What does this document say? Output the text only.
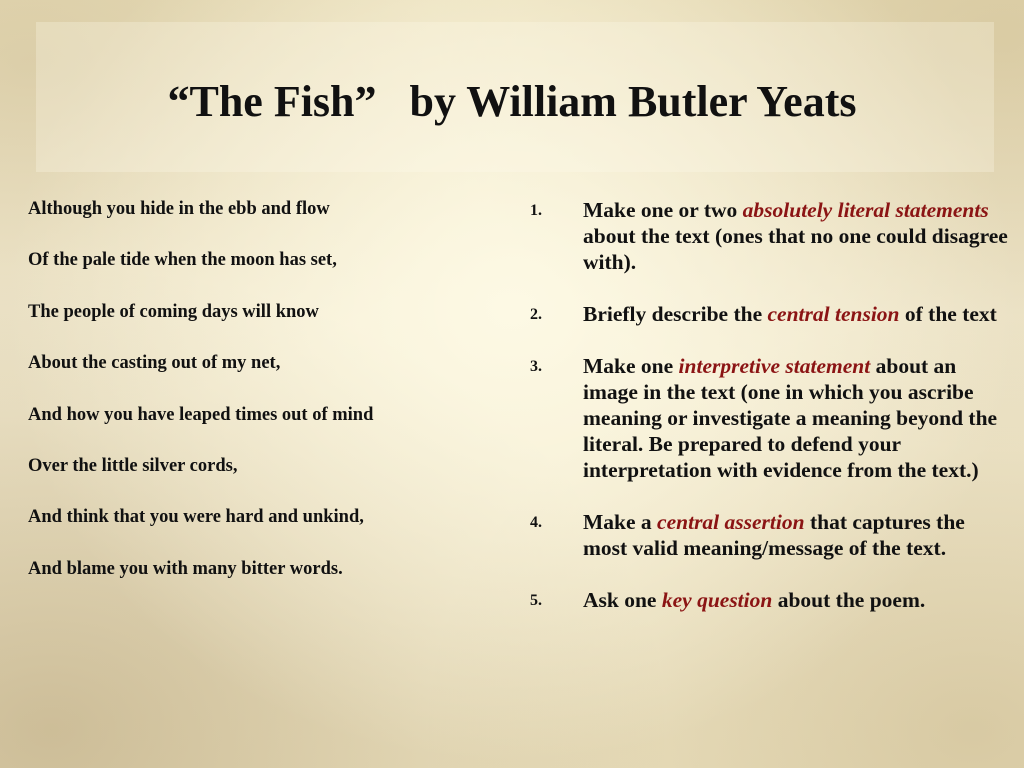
“The Fish”   by William Butler Yeats
Although you hide in the ebb and flow
Of the pale tide when the moon has set,
The people of coming days will know
About the casting out of my net,
And how you have leaped times out of mind
Over the little silver cords,
And think that you were hard and unkind,
And blame you with many bitter words.
1. Make one or two absolutely literal statements about the text (ones that no one could disagree with).
2. Briefly describe the central tension of the text
3. Make one interpretive statement about an image in the text (one in which you ascribe meaning or investigate a meaning beyond the literal. Be prepared to defend your interpretation with evidence from the text.)
4. Make a central assertion that captures the most valid meaning/message of the text.
5. Ask one key question about the poem.
